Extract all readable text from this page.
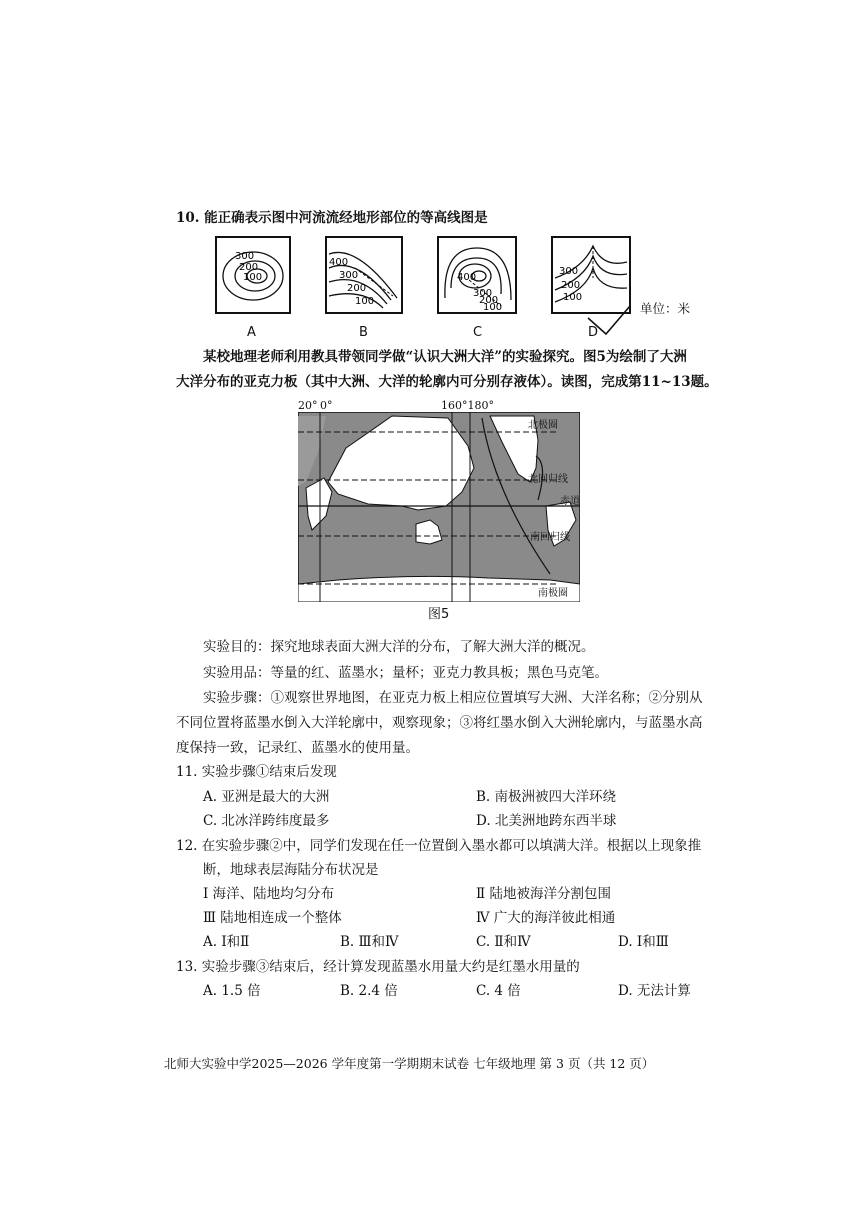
10. 能正确表示图中河流流经地形部位的等高线图是
300
200
100
A
400
300
200
100
B
400
300
200
100
C
300
200
100
D
单位：米
某校地理老师利用教具带领同学做“认识大洲大洋”的实验探究。图5为绘制了大洲
大洋分布的亚克力板（其中大洲、大洋的轮廓内可分别存液体）。读图，完成第11~13题。
20° 0°	160°180°
北极圈
北回归线
赤道
南回归线
南极圈
图5
实验目的：探究地球表面大洲大洋的分布，了解大洲大洋的概况。
实验用品：等量的红、蓝墨水；量杯；亚克力教具板；黑色马克笔。
实验步骤：①观察世界地图，在亚克力板上相应位置填写大洲、大洋名称；②分别从
不同位置将蓝墨水倒入大洋轮廓中，观察现象；③将红墨水倒入大洲轮廓内，与蓝墨水高
度保持一致，记录红、蓝墨水的使用量。
11. 实验步骤①结束后发现
A. 亚洲是最大的大洲	B. 南极洲被四大洋环绕
C. 北冰洋跨纬度最多	D. 北美洲地跨东西半球
12. 在实验步骤②中，同学们发现在任一位置倒入墨水都可以填满大洋。根据以上现象推
断，地球表层海陆分布状况是
Ⅰ 海洋、陆地均匀分布	Ⅱ 陆地被海洋分割包围
Ⅲ 陆地相连成一个整体	Ⅳ 广大的海洋彼此相通
A. Ⅰ和Ⅱ	B. Ⅲ和Ⅳ	C. Ⅱ和Ⅳ	D. Ⅰ和Ⅲ
13. 实验步骤③结束后，经计算发现蓝墨水用量大约是红墨水用量的
A. 1.5 倍	B. 2.4 倍	C. 4 倍	D. 无法计算
北师大实验中学2025—2026 学年度第一学期期末试卷 七年级地理 第 3 页（共 12 页）
